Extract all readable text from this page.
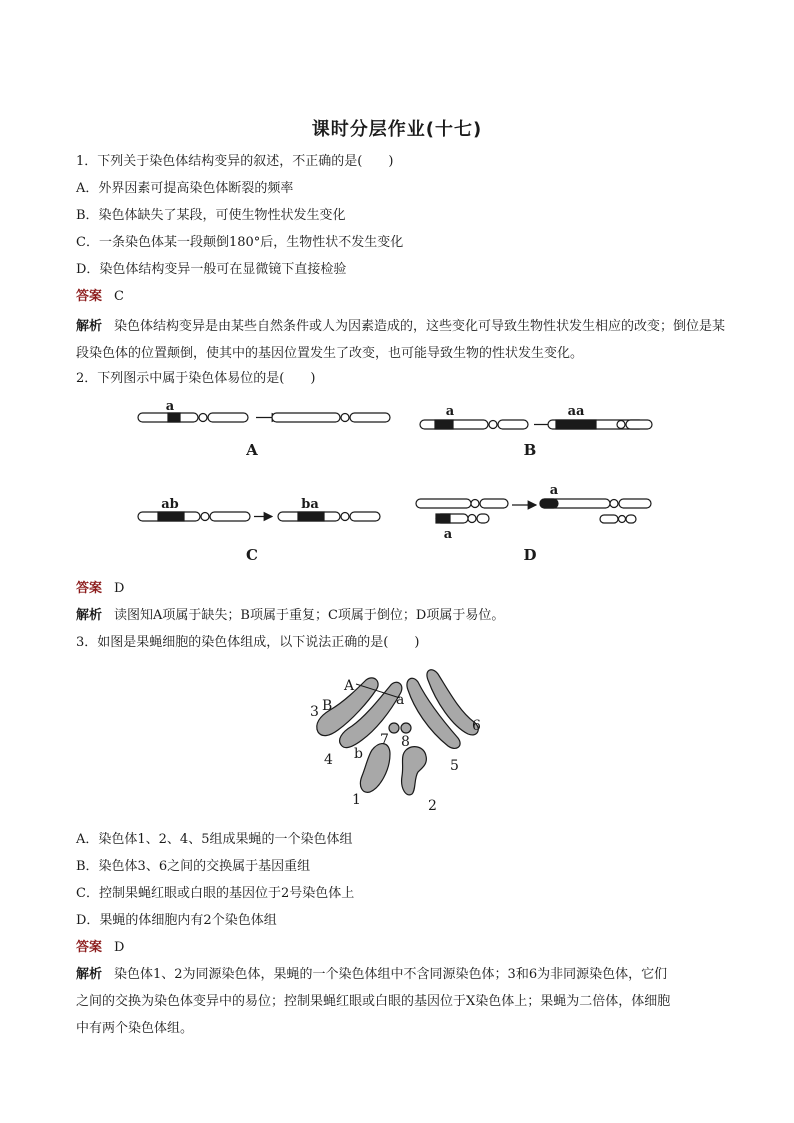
课时分层作业(十七)
1．下列关于染色体结构变异的叙述，不正确的是(　　)
A．外界因素可提高染色体断裂的频率
B．染色体缺失了某段，可使生物性状发生变化
C．一条染色体某一段颠倒180°后，生物性状不发生变化
D．染色体结构变异一般可在显微镜下直接检验
答案 C
解析 染色体结构变异是由某些自然条件或人为因素造成的，这些变化可导致生物性状发生相应的改变；倒位是某段染色体的位置颠倒，使其中的基因位置发生了改变，也可能导致生物的性状发生变化。
2．下列图示中属于染色体易位的是(　　)
a	a	aa
ab	ba
a
a
A	B
C	D
答案 D
解析 读图知A项属于缺失；B项属于重复；C项属于倒位；D项属于易位。
3．如图是果蝇细胞的染色体组成，以下说法正确的是(　　)
A
a
B
b
1	2
3
4	5
6
7 8
A．染色体1、2、4、5组成果蝇的一个染色体组
B．染色体3、6之间的交换属于基因重组
C．控制果蝇红眼或白眼的基因位于2号染色体上
D．果蝇的体细胞内有2个染色体组
答案 D
解析 染色体1、2为同源染色体，果蝇的一个染色体组中不含同源染色体；3和6为非同源染色体，它们
之间的交换为染色体变异中的易位；控制果蝇红眼或白眼的基因位于X染色体上；果蝇为二倍体，体细胞
中有两个染色体组。
